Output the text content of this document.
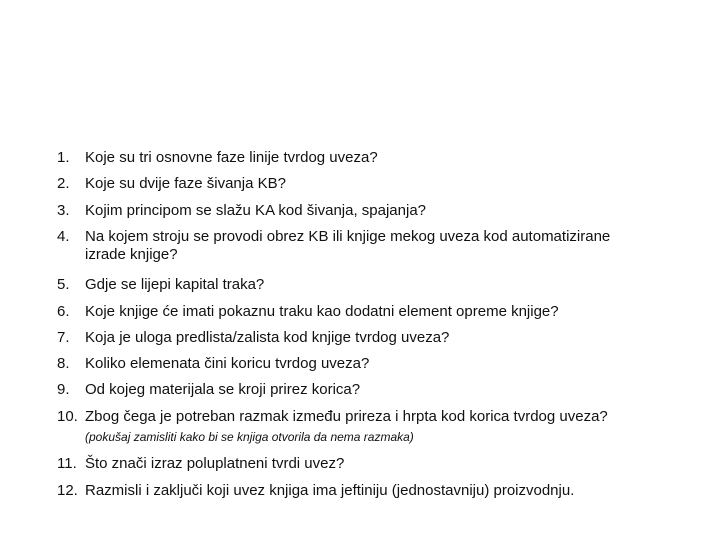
1. Koje su tri osnovne faze linije tvrdog uveza?
2. Koje su dvije faze šivanja KB?
3. Kojim principom se slažu KA kod šivanja, spajanja?
4. Na kojem stroju se provodi obrez KB ili knjige mekog uveza kod automatizirane
izrade knjige?
5. Gdje se lijepi kapital traka?
6. Koje knjige će imati pokaznu traku kao dodatni element opreme knjige?
7. Koja je uloga predlista/zalista kod knjige tvrdog uveza?
8. Koliko elemenata čini koricu tvrdog uveza?
9. Od kojeg materijala se kroji prirez korica?
10. Zbog čega je potreban razmak između prireza i hrpta kod korica tvrdog uveza?
(pokušaj zamisliti kako bi se knjiga otvorila da nema razmaka)
11. Što znači izraz poluplatneni tvrdi uvez?
12. Razmisli i zaključi koji uvez knjiga ima jeftiniju (jednostavniju) proizvodnju.
